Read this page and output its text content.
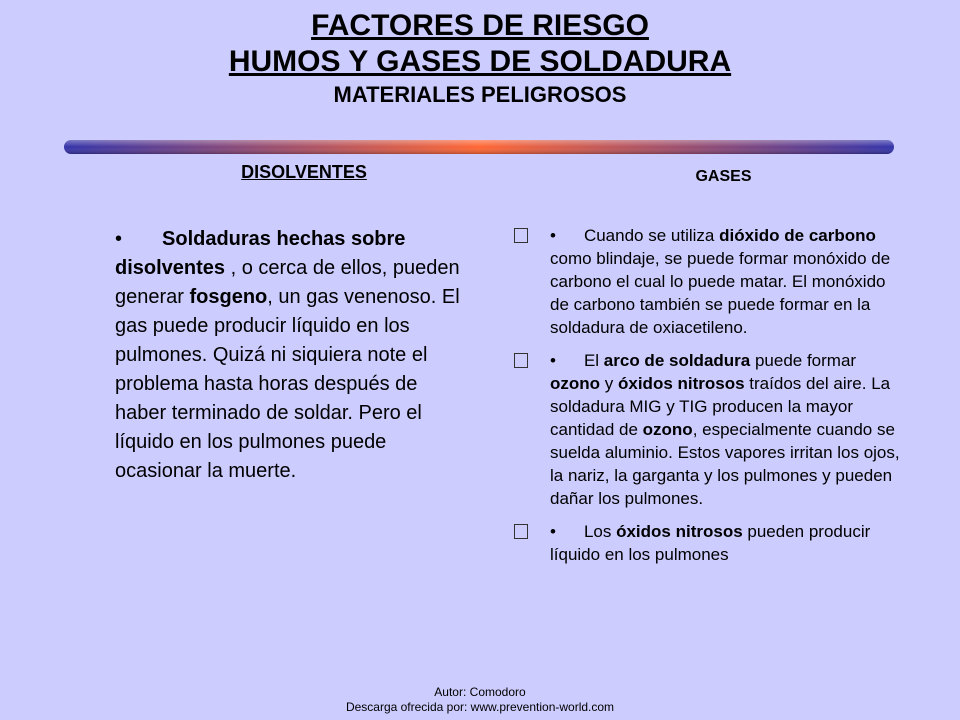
FACTORES DE RIESGO
HUMOS Y GASES DE SOLDADURA
MATERIALES PELIGROSOS
DISOLVENTES
• Soldaduras hechas sobre disolventes , o cerca de ellos, pueden generar fosgeno, un gas venenoso. El gas puede producir líquido en los pulmones. Quizá ni siquiera note el problema hasta horas después de haber terminado de soldar. Pero el líquido en los pulmones puede ocasionar la muerte.
GASES
• Cuando se utiliza dióxido de carbono como blindaje, se puede formar monóxido de carbono el cual lo puede matar. El monóxido de carbono también se puede formar en la soldadura de oxiacetileno.
• El arco de soldadura puede formar ozono y óxidos nitrosos traídos del aire. La soldadura MIG y TIG producen la mayor cantidad de ozono, especialmente cuando se suelda aluminio. Estos vapores irritan los ojos, la nariz, la garganta y los pulmones y pueden dañar los pulmones.
• Los óxidos nitrosos pueden producir líquido en los pulmones
Autor: Comodoro
Descarga ofrecida por: www.prevention-world.com
